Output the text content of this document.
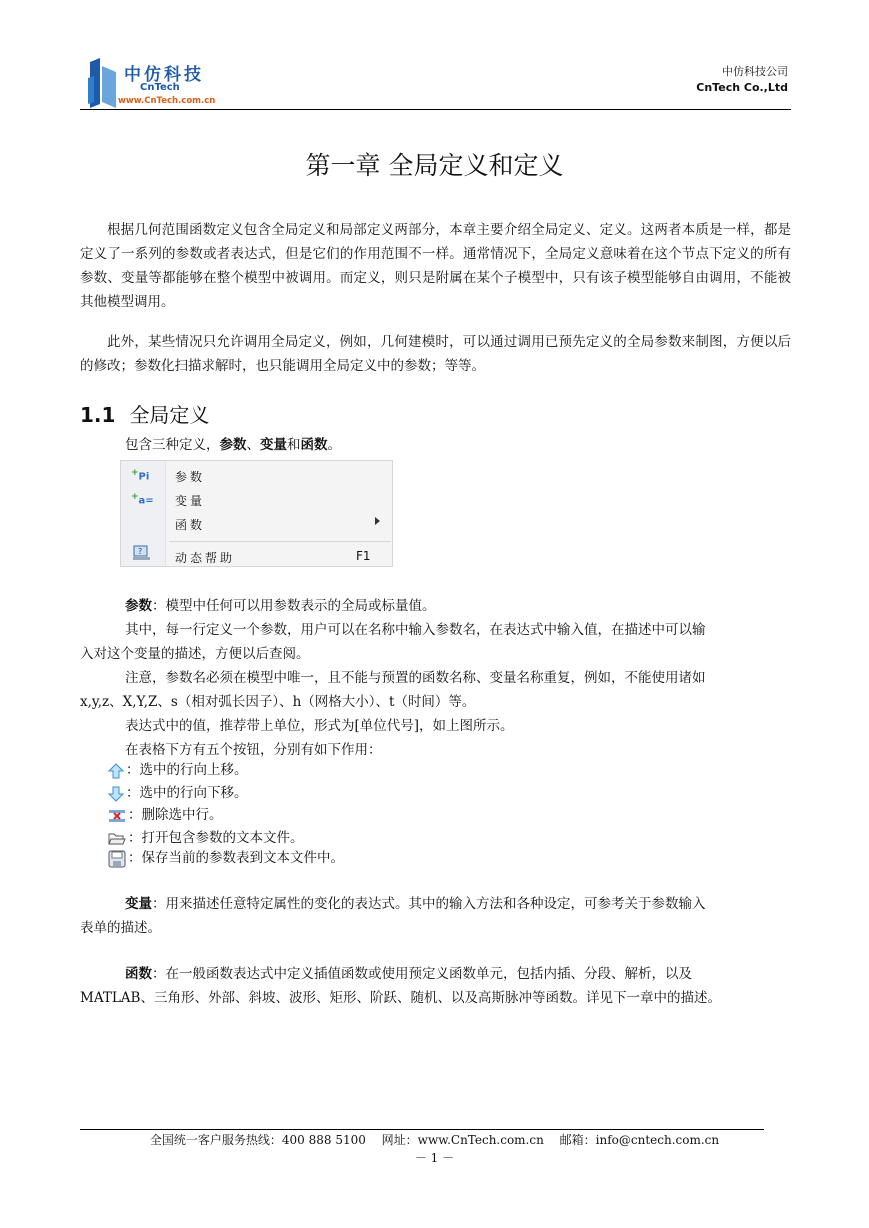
中仿科技
CnTech
www.CnTech.com.cn
中仿科技公司
CnTech Co.,Ltd
第一章 全局定义和定义

根据几何范围函数定义包含全局定义和局部定义两部分，本章主要介绍全局定义、定义。这两者本质是一样，都是定义了一系列的参数或者表达式，但是它们的作用范围不一样。通常情况下，全局定义意味着在这个节点下定义的所有参数、变量等都能够在整个模型中被调用。而定义，则只是附属在某个子模型中，只有该子模型能够自由调用，不能被其他模型调用。

此外，某些情况只允许调用全局定义，例如，几何建模时，可以通过调用已预先定义的全局参数来制图，方便以后的修改；参数化扫描求解时，也只能调用全局定义中的参数；等等。

1.1 全局定义
包含三种定义，参数、变量和函数。
+Pi 参数
+a= 变量
函数
?	动态帮助	F1
参数：模型中任何可以用参数表示的全局或标量值。
其中，每一行定义一个参数，用户可以在名称中输入参数名，在表达式中输入值，在描述中可以输
入对这个变量的描述，方便以后查阅。
注意，参数名必须在模型中唯一，且不能与预置的函数名称、变量名称重复，例如，不能使用诸如
x,y,z、X,Y,Z、s（相对弧长因子）、h（网格大小）、t（时间）等。
表达式中的值，推荐带上单位，形式为[单位代号]，如上图所示。
在表格下方有五个按钮，分别有如下作用：
：选中的行向上移。
：选中的行向下移。
：删除选中行。
：打开包含参数的文本文件。
：保存当前的参数表到文本文件中。
变量：用来描述任意特定属性的变化的表达式。其中的输入方法和各种设定，可参考关于参数输入
表单的描述。
函数：在一般函数表达式中定义插值函数或使用预定义函数单元，包括内插、分段、解析，以及
MATLAB、三角形、外部、斜坡、波形、矩形、阶跃、随机、以及高斯脉冲等函数。详见下一章中的描述。
全国统一客户服务热线：400 888 5100　 网址：www.CnTech.com.cn　 邮箱：info@cntech.com.cn
－ 1 －
